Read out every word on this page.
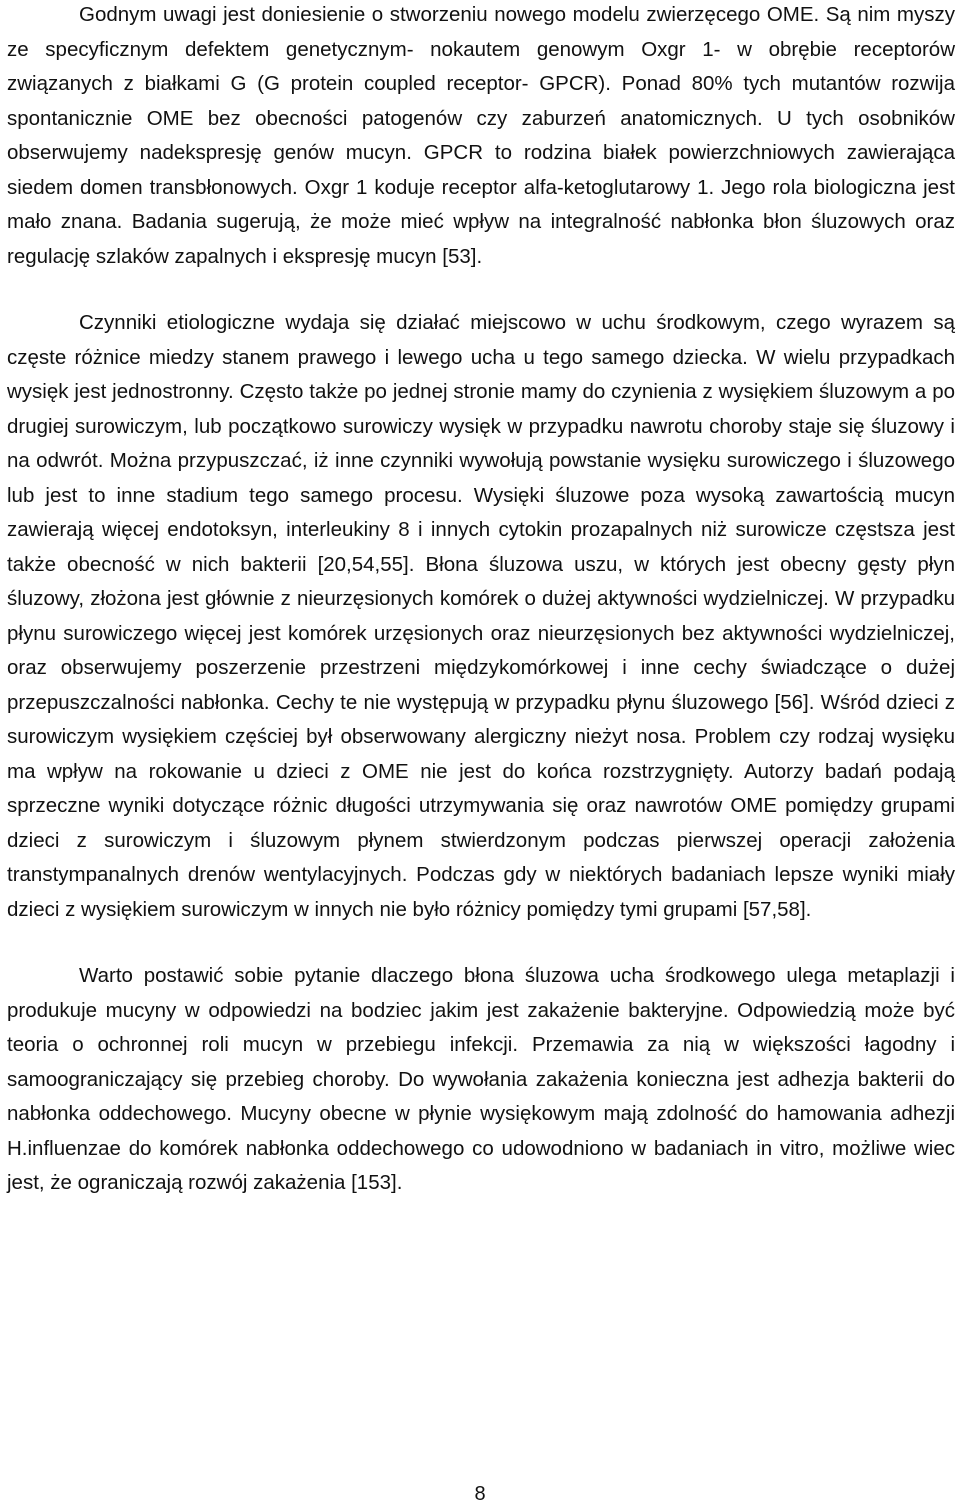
Godnym uwagi jest doniesienie o stworzeniu nowego modelu zwierzęcego OME. Są nim myszy ze specyficznym defektem genetycznym- nokautem genowym Oxgr 1- w obrębie receptorów związanych z białkami G (G protein coupled receptor- GPCR). Ponad 80% tych mutantów rozwija spontanicznie OME bez obecności patogenów czy zaburzeń anatomicznych. U tych osobników obserwujemy nadekspresję genów mucyn. GPCR to rodzina białek powierzchniowych zawierająca siedem domen transbłonowych. Oxgr 1 koduje receptor alfa-ketoglutarowy 1. Jego rola biologiczna jest mało znana. Badania sugerują, że może mieć wpływ na integralność nabłonka błon śluzowych oraz regulację szlaków zapalnych i ekspresję mucyn [53].

Czynniki etiologiczne wydaja się działać miejscowo w uchu środkowym, czego wyrazem są częste różnice miedzy stanem prawego i lewego ucha u tego samego dziecka. W wielu przypadkach wysięk jest jednostronny. Często także po jednej stronie mamy do czynienia z wysiękiem śluzowym a po drugiej surowiczym, lub początkowo surowiczy wysięk w przypadku nawrotu choroby staje się śluzowy i na odwrót. Można przypuszczać, iż inne czynniki wywołują powstanie wysięku surowiczego i śluzowego lub jest to inne stadium tego samego procesu. Wysięki śluzowe poza wysoką zawartością mucyn zawierają więcej endotoksyn, interleukiny 8 i innych cytokin prozapalnych niż surowicze częstsza jest także obecność w nich bakterii [20,54,55]. Błona śluzowa uszu, w których jest obecny gęsty płyn śluzowy, złożona jest głównie z nieurzęsionych komórek o dużej aktywności wydzielniczej. W przypadku płynu surowiczego więcej jest komórek urzęsionych oraz nieurzęsionych bez aktywności wydzielniczej, oraz obserwujemy poszerzenie przestrzeni międzykomórkowej i inne cechy świadczące o dużej przepuszczalności nabłonka. Cechy te nie występują w przypadku płynu śluzowego [56]. Wśród dzieci z surowiczym wysiękiem częściej był obserwowany alergiczny nieżyt nosa. Problem czy rodzaj wysięku ma wpływ na rokowanie u dzieci z OME nie jest do końca rozstrzygnięty. Autorzy badań podają sprzeczne wyniki dotyczące różnic długości utrzymywania się oraz nawrotów OME pomiędzy grupami dzieci z surowiczym i śluzowym płynem stwierdzonym podczas pierwszej operacji założenia transtympanalnych drenów wentylacyjnych. Podczas gdy w niektórych badaniach lepsze wyniki miały dzieci z wysiękiem surowiczym w innych nie było różnicy pomiędzy tymi grupami [57,58].

Warto postawić sobie pytanie dlaczego błona śluzowa ucha środkowego ulega metaplazji i produkuje mucyny w odpowiedzi na bodziec jakim jest zakażenie bakteryjne. Odpowiedzią może być teoria o ochronnej roli mucyn w przebiegu infekcji. Przemawia za nią w większości łagodny i samoograniczający się przebieg choroby. Do wywołania zakażenia konieczna jest adhezja bakterii do nabłonka oddechowego. Mucyny obecne w płynie wysiękowym mają zdolność do hamowania adhezji H.influenzae do komórek nabłonka oddechowego co udowodniono w badaniach in vitro, możliwe wiec jest, że ograniczają rozwój zakażenia [153].

8
